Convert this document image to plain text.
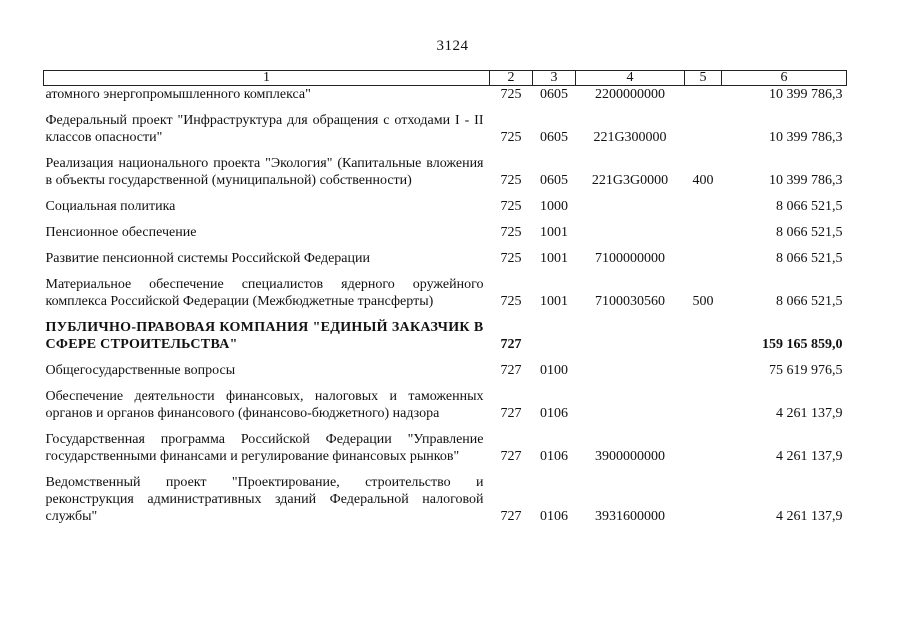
3124
1	2	3	4	5	6
атомного энергопромышленного комплекса"	725	0605	2200000000		10 399 786,3
Федеральный проект "Инфраструктура для обращения с отходами I - II классов опасности"	725	0605	221G300000		10 399 786,3
Реализация национального проекта "Экология" (Капитальные вложения в объекты государственной (муниципальной) собственности)	725	0605	221G3G0000	400	10 399 786,3
Социальная политика	725	1000			8 066 521,5
Пенсионное обеспечение	725	1001			8 066 521,5
Развитие пенсионной системы Российской Федерации	725	1001	7100000000		8 066 521,5
Материальное обеспечение специалистов ядерного оружейного комплекса Российской Федерации (Межбюджетные трансферты)	725	1001	7100030560	500	8 066 521,5
ПУБЛИЧНО-ПРАВОВАЯ КОМПАНИЯ "ЕДИНЫЙ ЗАКАЗЧИК В СФЕРЕ СТРОИТЕЛЬСТВА"	727				159 165 859,0
Общегосударственные вопросы	727	0100			75 619 976,5
Обеспечение деятельности финансовых, налоговых и таможенных органов и органов финансового (финансово-бюджетного) надзора	727	0106			4 261 137,9
Государственная программа Российской Федерации "Управление государственными финансами и регулирование финансовых рынков"	727	0106	3900000000		4 261 137,9
Ведомственный проект "Проектирование, строительство и реконструкция административных зданий Федеральной налоговой службы"	727	0106	3931600000		4 261 137,9
